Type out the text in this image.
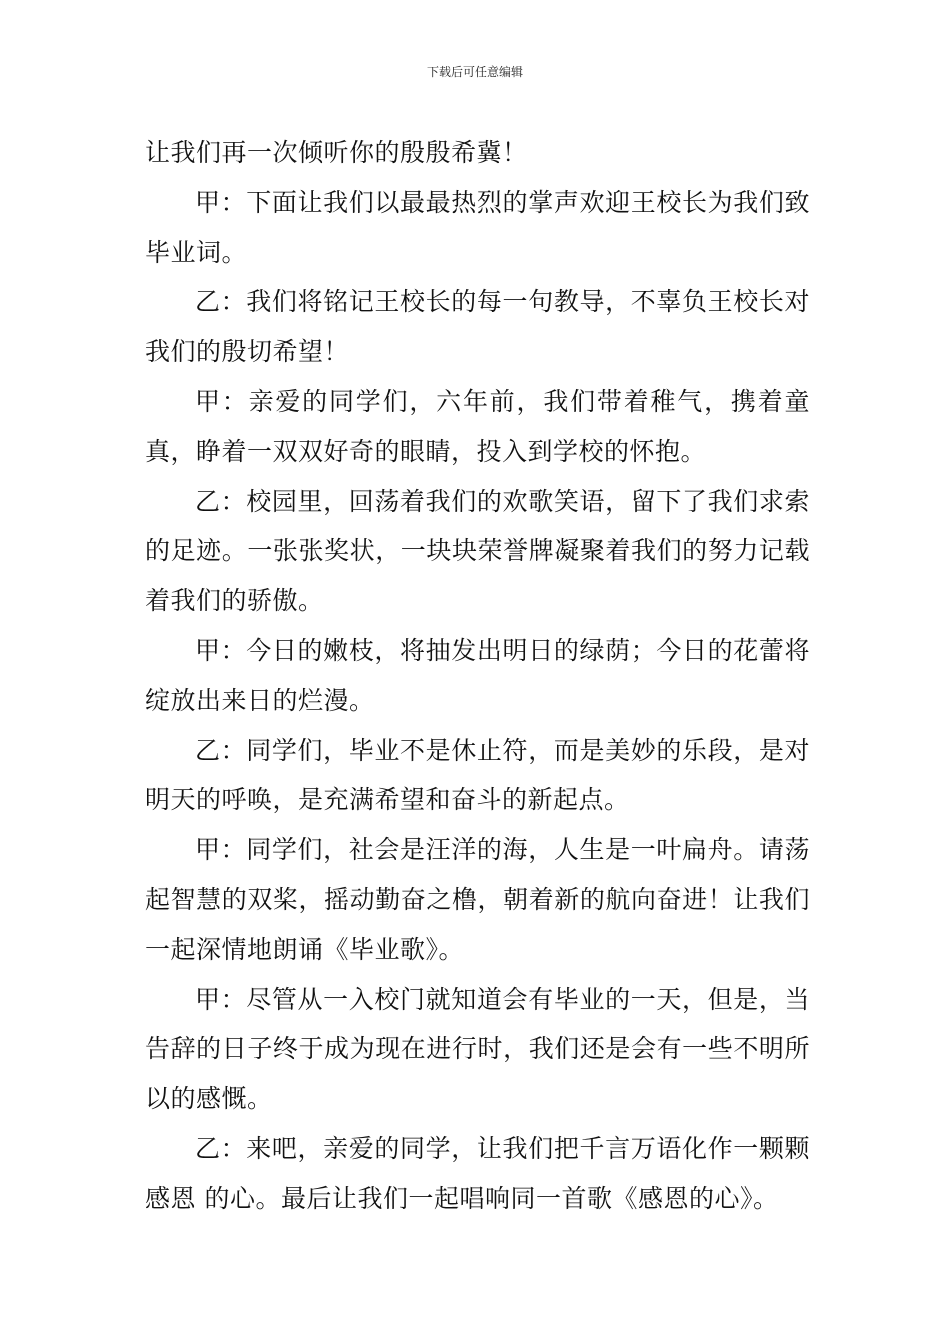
下载后可任意编辑

让我们再一次倾听你的殷殷希冀！

甲：下面让我们以最最热烈的掌声欢迎王校长为我们致毕业词。

乙：我们将铭记王校长的每一句教导，不辜负王校长对我们的殷切希望！

甲：亲爱的同学们，六年前，我们带着稚气，携着童真，睁着一双双好奇的眼睛，投入到学校的怀抱。

乙：校园里，回荡着我们的欢歌笑语，留下了我们求索的足迹。一张张奖状，一块块荣誉牌凝聚着我们的努力记载着我们的骄傲。

甲：今日的嫩枝，将抽发出明日的绿荫；今日的花蕾将绽放出来日的烂漫。

乙：同学们，毕业不是休止符，而是美妙的乐段，是对明天的呼唤，是充满希望和奋斗的新起点。

甲：同学们，社会是汪洋的海，人生是一叶扁舟。请荡起智慧的双桨，摇动勤奋之橹，朝着新的航向奋进！让我们一起深情地朗诵《毕业歌》。

甲：尽管从一入校门就知道会有毕业的一天，但是，当告辞的日子终于成为现在进行时，我们还是会有一些不明所以的感慨。

乙：来吧，亲爱的同学，让我们把千言万语化作一颗颗感恩 的心。最后让我们一起唱响同一首歌《感恩的心》。
